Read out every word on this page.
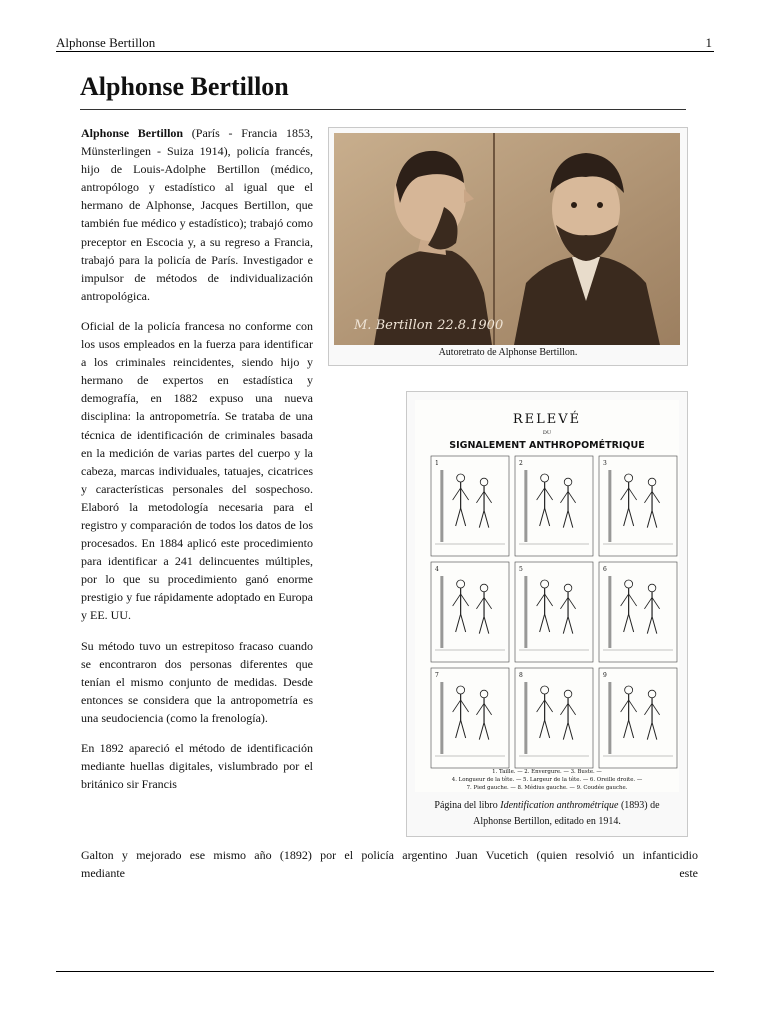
Alphonse Bertillon	1
Alphonse Bertillon

Alphonse Bertillon (París - Francia 1853, Münsterlingen - Suiza 1914), policía francés, hijo de Louis-Adolphe Bertillon (médico, antropólogo y estadístico al igual que el hermano de Alphonse, Jacques Bertillon, que también fue médico y estadístico); trabajó como preceptor en Escocia y, a su regreso a Francia, trabajó para la policía de París. Investigador e impulsor de métodos de individualización antropológica.

Oficial de la policía francesa no conforme con los usos empleados en la fuerza para identificar a los criminales reincidentes, siendo hijo y hermano de expertos en estadística y demografía, en 1882 expuso una nueva disciplina: la antropometría. Se trataba de una técnica de identificación de criminales basada en la medición de varias partes del cuerpo y la cabeza, marcas individuales, tatuajes, cicatrices y características personales del sospechoso. Elaboró la metodología necesaria para el registro y comparación de todos los datos de los procesados. En 1884 aplicó este procedimiento para identificar a 241 delincuentes múltiples, por lo que su procedimiento ganó enorme prestigio y fue rápidamente adoptado en Europa y EE. UU.

Su método tuvo un estrepitoso fracaso cuando se encontraron dos personas diferentes que tenían el mismo conjunto de medidas. Desde entonces se considera que la antropometría es una seudociencia (como la frenología).

En 1892 apareció el método de identificación mediante huellas digitales, vislumbrado por el británico sir Francis

Galton y mejorado ese mismo año (1892) por el policía argentino Juan Vucetich (quien resolvió un infanticidio
mediante	este
M. Bertillon 22.8.1900
Autoretrato de Alphonse Bertillon.
RELEVÉ
DU
SIGNALEMENT ANTHROPOMÉTRIQUE
1	2	3
4	5	6
7	8	9
1. Taille. — 2. Envergure. — 3. Buste. —
4. Longueur de la tête. — 5. Largeur de la tête. — 6. Oreille droite. —
7. Pied gauche. — 8. Médius gauche. — 9. Coudée gauche.
Página del libro Identification anthrométrique (1893) de
Alphonse Bertillon, editado en 1914.
